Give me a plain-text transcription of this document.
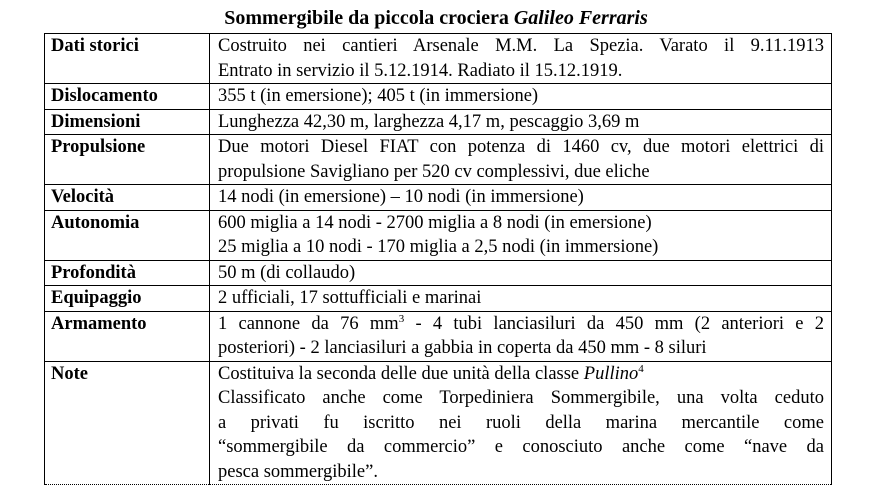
Sommergibile da piccola crociera Galileo Ferraris
Dati storici	Costruito nei cantieri Arsenale M.M. La Spezia. Varato il 9.11.1913
Entrato in servizio il 5.12.1914. Radiato il 15.12.1919.

Dislocamento	355 t (in emersione); 405 t (in immersione)

Dimensioni	Lunghezza 42,30 m, larghezza 4,17 m, pescaggio 3,69 m

Propulsione	Due motori Diesel FIAT con potenza di 1460 cv, due motori elettrici di
propulsione Savigliano per 520 cv complessivi, due eliche

Velocità	14 nodi (in emersione) – 10 nodi (in immersione)

Autonomia	600 miglia a 14 nodi - 2700 miglia a 8 nodi (in emersione)
25 miglia a 10 nodi - 170 miglia a 2,5 nodi (in immersione)

Profondità	50 m (di collaudo)

Equipaggio	2 ufficiali, 17 sottufficiali e marinai

Armamento	1 cannone da 76 $mm^3 - 4$ tubi lanciasiluri da 450 mm (2 anteriori e 2
posteriori) - 2 lanciasiluri a gabbia in coperta da 450 mm - 8 siluri

Note	Costituiva la seconda delle due unità della classe Pullino$^4$
Classificato anche come Torpediniera Sommergibile, una volta ceduto
a privati fu iscritto nei ruoli della marina mercantile come
“sommergibile da commercio” e conosciuto anche come “nave da
pesca sommergibile”.
